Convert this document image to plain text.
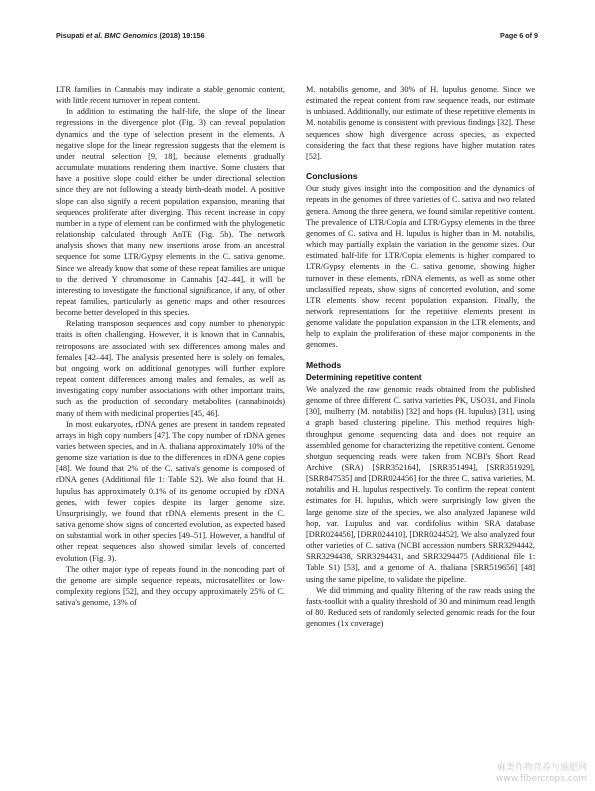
Pisupati et al. BMC Genomics (2018) 19:156	Page 6 of 9

LTR families in Cannabis may indicate a stable genomic content, with little recent turnover in repeat content.

In addition to estimating the half-life, the slope of the linear regressions in the divergence plot (Fig. 3) can reveal population dynamics and the type of selection present in the elements. A negative slope for the linear regression suggests that the element is under neutral selection [9, 18], because elements gradually accumulate mutations rendering them inactive. Some clusters that have a positive slope could either be under directional selection since they are not following a steady birth-death model. A positive slope can also signify a recent population expansion, meaning that sequences proliferate after diverging. This recent increase in copy number in a type of element can be confirmed with the phylogenetic relationship calculated through AnTE (Fig. 5b). The network analysis shows that many new insertions arose from an ancestral sequence for some LTR/Gypsy elements in the C. sativa genome. Since we already know that some of these repeat families are unique to the derived Y chromosome in Cannabis [42–44], it will be interesting to investigate the functional significance, if any, of other repeat families, particularly as genetic maps and other resources become better developed in this species.

Relating transposon sequences and copy number to phenotypic traits is often challenging. However, it is known that in Cannabis, retroposons are associated with sex differences among males and females [42–44]. The analysis presented here is solely on females, but ongoing work on additional genotypes will further explore repeat content differences among males and females, as well as investigating copy number associations with other important traits, such as the production of secondary metabolites (cannabinoids) many of them with medicinal properties [45, 46].

In most eukaryotes, rDNA genes are present in tandem repeated arrays in high copy numbers [47]. The copy number of rDNA genes varies between species, and in A. thaliana approximately 10% of the genome size variation is due to the differences in rDNA gene copies [48]. We found that 2% of the C. sativa's genome is composed of rDNA genes (Additional file 1: Table S2). We also found that H. lupulus has approximately 0.1% of its genome occupied by rDNA genes, with fewer copies despite its larger genome size. Unsurprisingly, we found that rDNA elements present in the C. sativa genome show signs of concerted evolution, as expected based on substantial work in other species [49–51]. However, a handful of other repeat sequences also showed similar levels of concerted evolution (Fig. 3).

The other major type of repeats found in the noncoding part of the genome are simple sequence repeats, microsatellites or low-complexity regions [52], and they occupy approximately 25% of C. sativa's genome, 13% of

M. notabilis genome, and 30% of H. lupulus genome. Since we estimated the repeat content from raw sequence reads, our estimate is unbiased. Additionally, our estimate of these repetitive elements in M. notabilis genome is consistent with previous findings [32]. These sequences show high divergence across species, as expected considering the fact that these regions have higher mutation rates [52].

Conclusions

Our study gives insight into the composition and the dynamics of repeats in the genomes of three varieties of C. sativa and two related genera. Among the three genera, we found similar repetitive content. The prevalence of LTR/Copia and LTR/Gypsy elements in the three genomes of C. sativa and H. lupulus is higher than in M. notabilis, which may partially explain the variation in the genome sizes. Our estimated half-life for LTR/Copia elements is higher compared to LTR/Gypsy elements in the C. sativa genome, showing higher turnover in these elements. rDNA elements, as well as some other unclassified repeats, show signs of concerted evolution, and some LTR elements show recent population expansion. Finally, the network representations for the repetitive elements present in genome validate the population expansion in the LTR elements, and help to explain the proliferation of these major components in the genomes.

Methods
Determining repetitive content

We analyzed the raw genomic reads obtained from the published genome of three different C. sativa varieties PK, USO31, and Finola [30], mulberry (M. notabilis) [32] and hops (H. lupulus) [31], using a graph based clustering pipeline. This method requires high-throughput genome sequencing data and does not require an assembled genome for characterizing the repetitive content. Genome shotgun sequencing reads were taken from NCBI's Short Read Archive (SRA) [SRR352164], [SRR351494], [SRR351929], [SRR847535] and [DRR024456] for the three C. sativa varieties, M. notabilis and H. lupulus respectively. To confirm the repeat content estimates for H. lupulus, which were surprisingly low given the large genome size of the species, we also analyzed Japanese wild hop, var. Lupulus and var. cordifolius within SRA database [DRR024456], [DRR024410], [DRR024452]. We also analyzed four other varieties of C. sativa (NCBI accession numbers SRR3294442, SRR3294438, SRR3294431, and SRR3294475 (Additional file 1: Table S1) [53], and a genome of A. thaliana [SRR519656] [48] using the same pipeline, to validate the pipeline.

We did trimming and quality filtering of the raw reads using the fastx-toolkit with a quality threshold of 30 and minimum read length of 80. Reduced sets of randomly selected genomic reads for the four genomes (1x coverage)

麻类作物营养与施肥网
www.fibercrops.com
